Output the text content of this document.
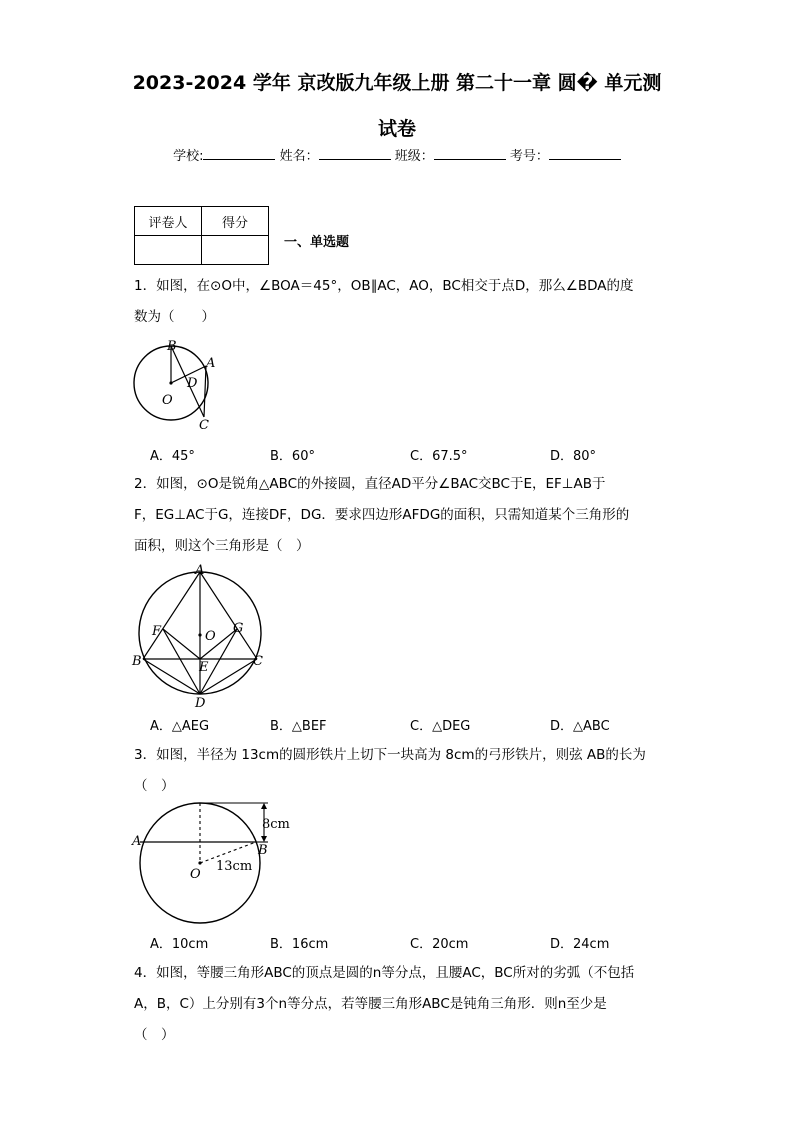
2023-2024 学年 京改版九年级上册 第二十一章 圆� 单元测
试卷
学校:	姓名：	班级：	考号：
评卷人	得分

一、单选题
1．如图，在⊙O中，∠BOA＝45°，OB∥AC，AO，BC相交于点D，那么∠BDA的度
数为（　　）
B
A
D
O
C
A．45°	B．60°	C．67.5°	D．80°
2．如图，⊙O是锐角△ABC的外接圆，直径AD平分∠BAC交BC于E，EF⊥AB于
F，EG⊥AC于G，连接DF，DG．要求四边形AFDG的面积，只需知道某个三角形的
面积，则这个三角形是（　）
A
F	O
G
B	E	C
D
A．△AEG	B．△BEF	C．△DEG	D．△ABC
3．如图，半径为 13cm的圆形铁片上切下一块高为 8cm的弓形铁片，则弦 AB的长为
（　）
A
B
O
8cm
13cm
A．10cm	B．16cm	C．20cm	D．24cm
4．如图，等腰三角形ABC的顶点是圆的n等分点，且腰AC，BC所对的劣弧（不包括
A，B，C）上分别有3个n等分点，若等腰三角形ABC是钝角三角形．则n至少是
（　）
